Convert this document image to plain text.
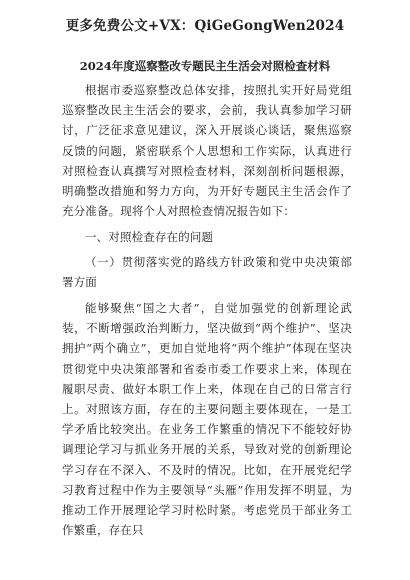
更多免费公文+VX：QiGeGongWen2024
2024年度巡察整改专题民主生活会对照检查材料

根据市委巡察整改总体安排，按照扎实开好局党组巡察整改民主生活会的要求，会前，我认真参加学习研讨，广泛征求意见建议，深入开展谈心谈话，聚焦巡察反馈的问题，紧密联系个人思想和工作实际，认真进行对照检查认真撰写对照检查材料，深刻剖析问题根源，明确整改措施和努力方向，为开好专题民主生活会作了充分准备。现将个人对照检查情况报告如下：

一、对照检查存在的问题

（一）贯彻落实党的路线方针政策和党中央决策部署方面

能够聚焦“国之大者”，自觉加强党的创新理论武装，不断增强政治判断力，坚决做到“两个维护”、坚决拥护“两个确立”，更加自觉地将“两个维护”体现在坚决贯彻党中央决策部署和省委市委工作要求上来，体现在履职尽责、做好本职工作上来，体现在自己的日常言行上。对照该方面，存在的主要问题主要体现在，一是工学矛盾比较突出。在业务工作繁重的情况下不能较好协调理论学习与抓业务开展的关系，导致对党的创新理论学习存在不深入、不及时的情况。比如，在开展党纪学习教育过程中作为主要领导“头雁”作用发挥不明显，为推动工作开展理论学习时松时紧。考虑党员干部业务工作繁重，存在只
